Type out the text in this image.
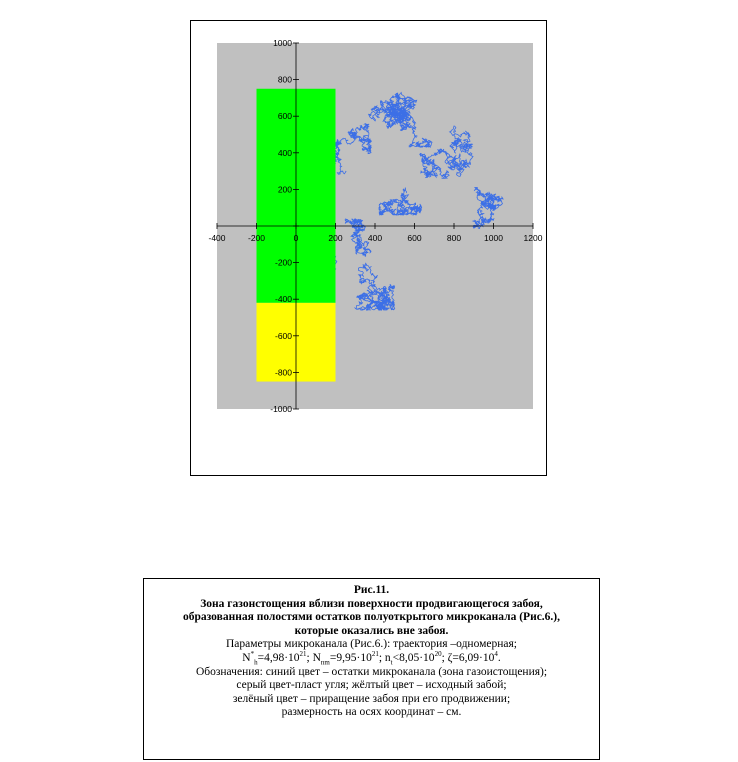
-400	-200	0	200	400	600	800	1000 1200
1000
800
600
400
200
-200
-400
-600
-800
-1000
Рис.11.
Зона газонстощения вблизи поверхности продвигающегося забоя,
образованная полостями остатков полуоткрытого микроканала (Рис.6.),
которые оказались вне забоя.
Параметры микроканала (Рис.6.): траектория –одномерная;
$N^*_h=4,98\cdot 10^{21}$; $N_{nm}=9,95\cdot 10^{21}$; $n_t<8,05\cdot 10^{20}$; $\zeta=6,09\cdot 10^4$.
Обозначения: синий цвет – остатки микроканала (зона газоистощения);
серый цвет-пласт угля; жёлтый цвет – исходный забой;
зелёный цвет – приращение забоя при его продвижении;
размерность на осях координат – см.
